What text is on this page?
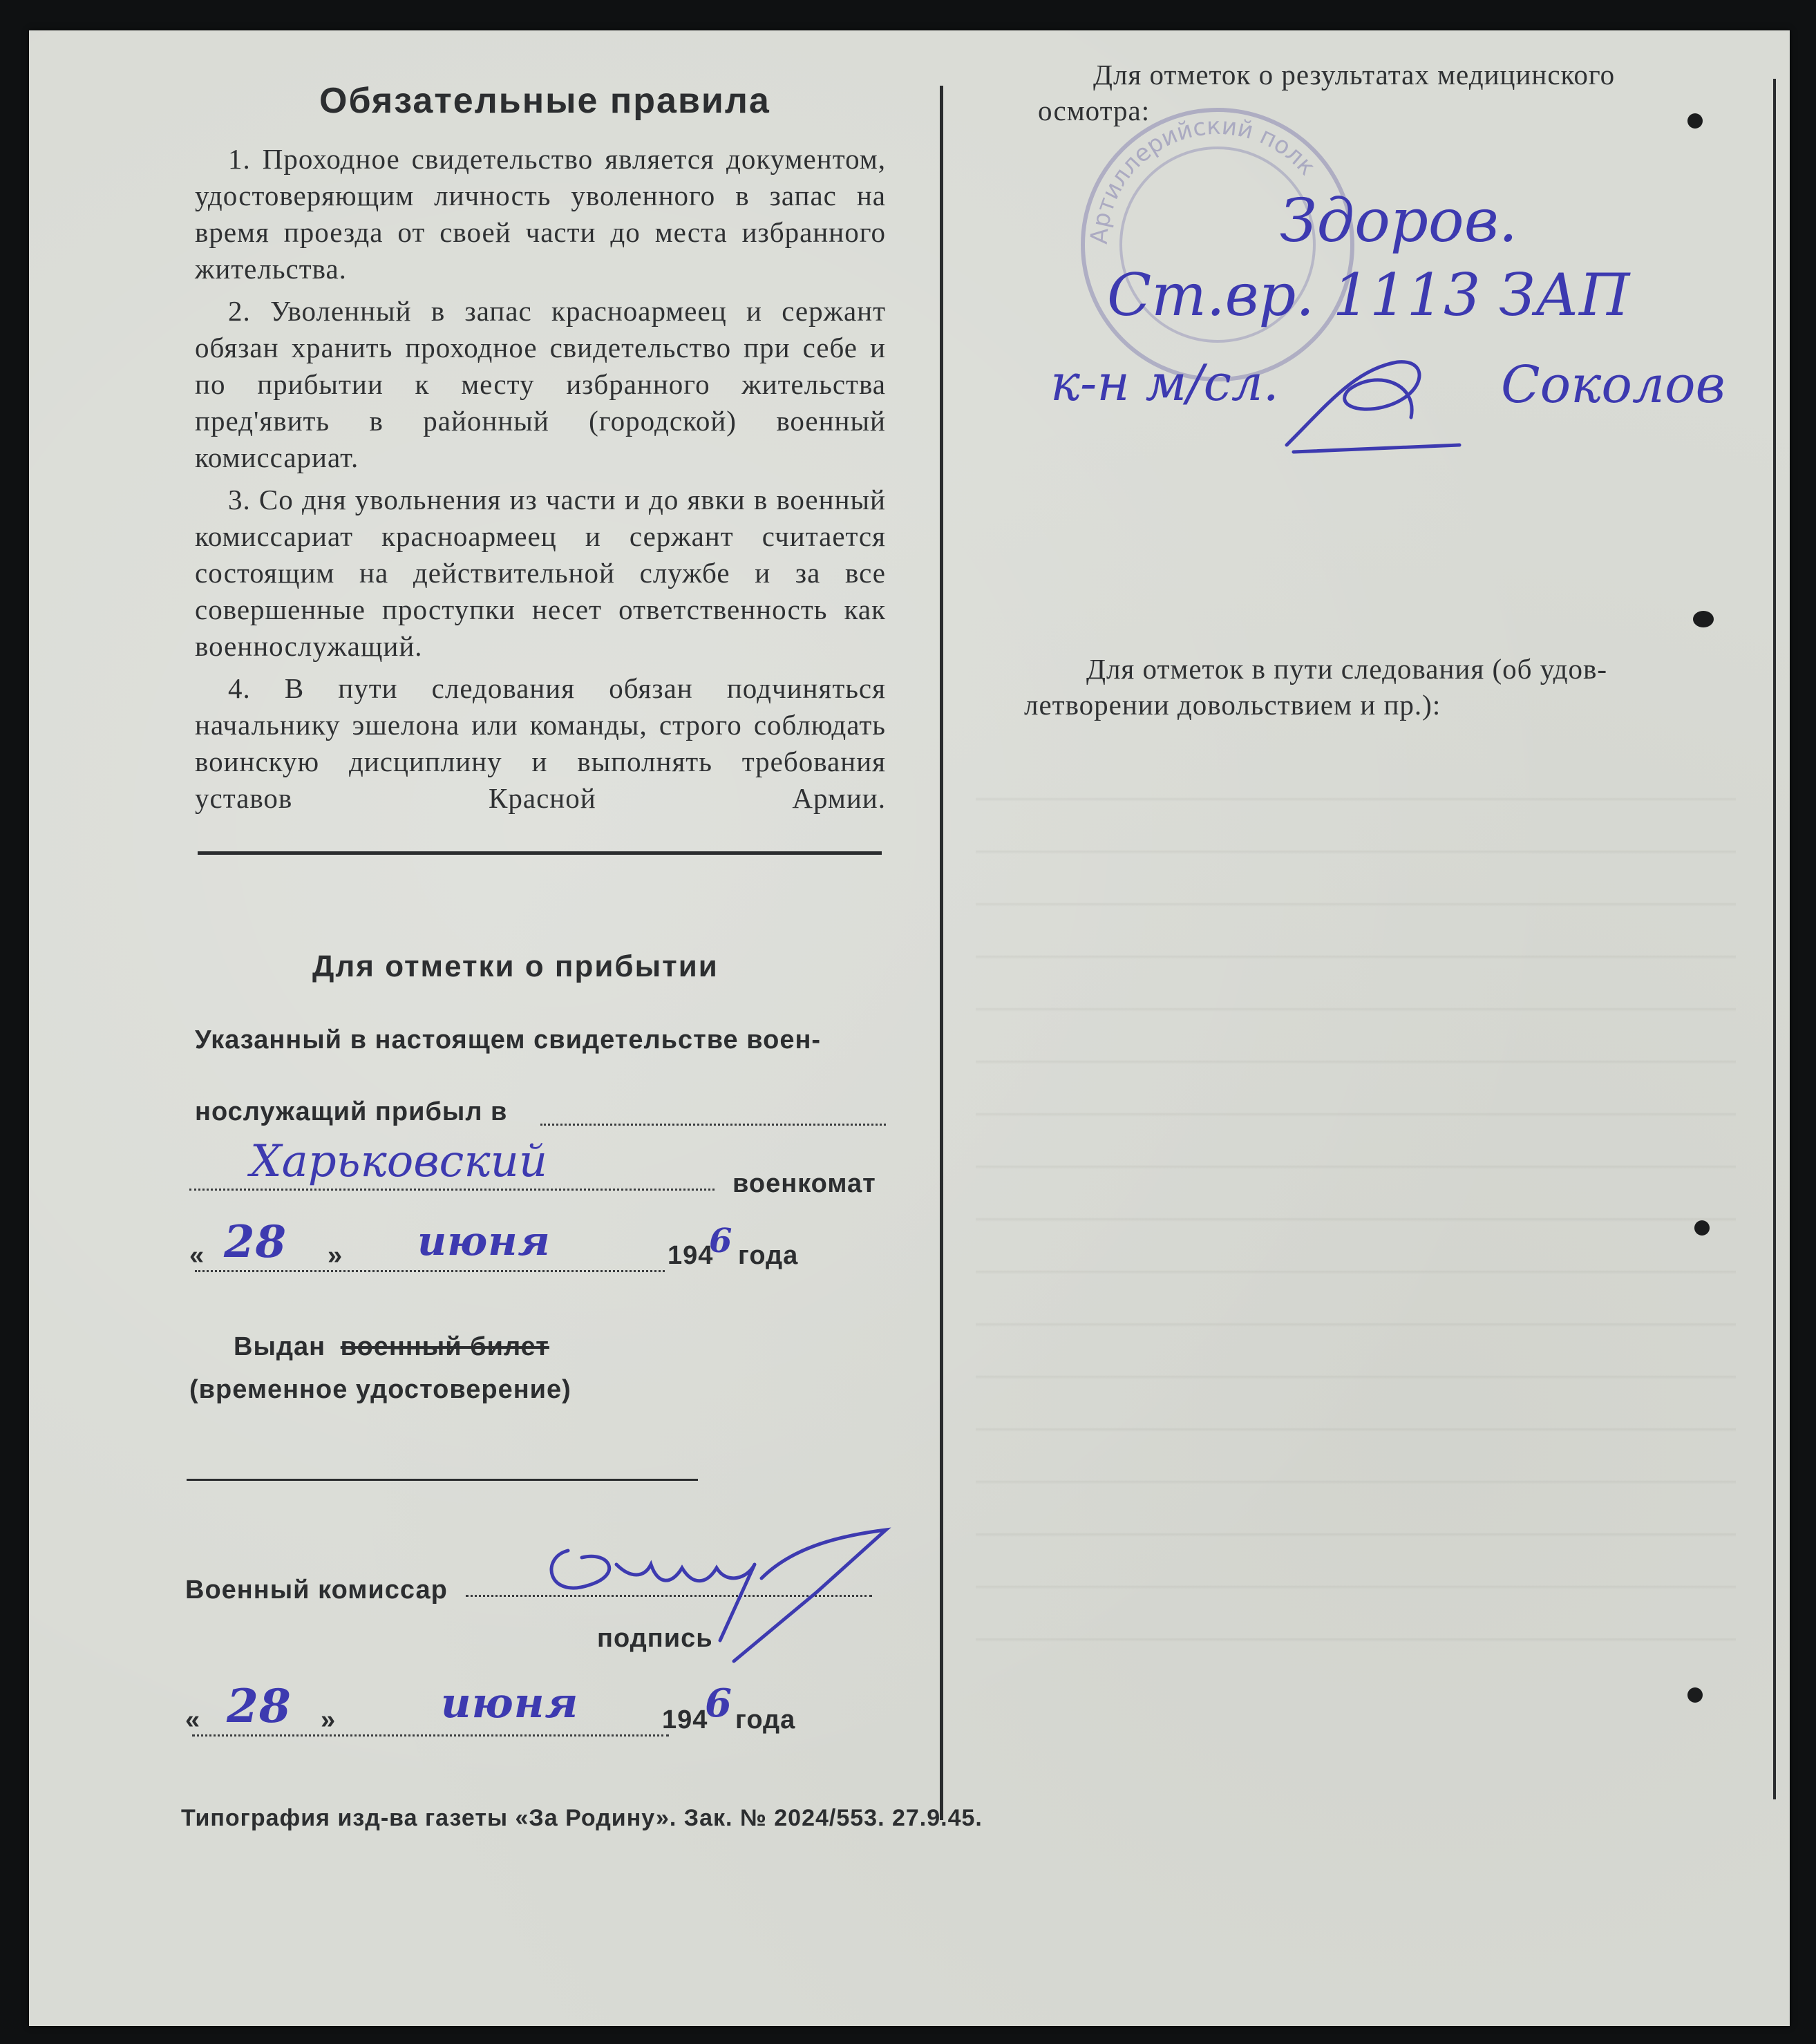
Обязательные правила

1. Проходное свидетельство является документом, удостоверяющим личность уволенного в запас на время проезда от своей части до места избранного жительства.

2. Уволенный в запас красноармеец и сержант обязан хранить проходное свидетельство при себе и по прибытии к месту избранного жительства пред'явить в районный (городской) военный комиссариат.

3. Со дня увольнения из части и до явки в военный комиссариат красноармеец и сержант считается состоящим на действительной службе и за все совершенные проступки несет ответственность как военнослужащий.

4. В пути следования обязан подчиняться начальнику эшелона или команды, строго соблюдать воинскую дисциплину и выполнять требования уставов Красной Армии.

Для отметки о прибытии
Указанный в настоящем свидетельстве воен-
нослужащий прибыл в
Харьковский	военкомат
« 28 » июня	194
6 года
Выдан военный билет
(временное удостоверение)
Военный комиссар
подпись
« 28 »	июня	194
6 года
Типография изд-ва газеты «За Родину». Зак. № 2024/553. 27.9.45.
Для отметок о результатах медицинского
осмотра:
Артиллерийский полк
Здоров.
Ст.вр. 1113 ЗАП
к-н м/сл.	Соколов
Для отметок в пути следования (об удов-
летворении довольствием и пр.):
